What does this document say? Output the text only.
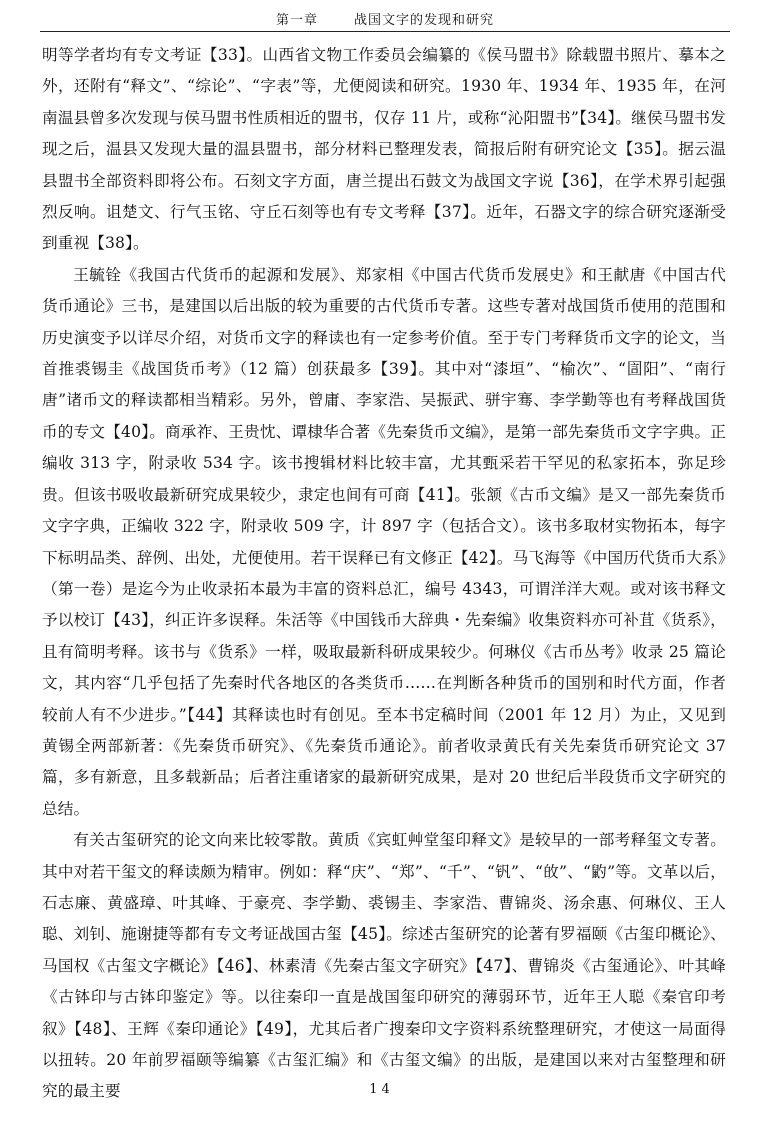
第一章	战国文字的发现和研究

明等学者均有专文考证【33】。山西省文物工作委员会编纂的《侯马盟书》除载盟书照片、摹本之外，还附有“释文”、“综论”、“字表”等，尤便阅读和研究。1930 年、1934 年、1935 年，在河南温县曾多次发现与侯马盟书性质相近的盟书，仅存 11 片，或称“沁阳盟书”【34】。继侯马盟书发现之后，温县又发现大量的温县盟书，部分材料已整理发表，简报后附有研究论文【35】。据云温县盟书全部资料即将公布。石刻文字方面，唐兰提出石鼓文为战国文字说【36】，在学术界引起强烈反响。诅楚文、行气玉铭、守丘石刻等也有专文考释【37】。近年，石器文字的综合研究逐渐受到重视【38】。

王毓铨《我国古代货币的起源和发展》、郑家相《中国古代货币发展史》和王献唐《中国古代货币通论》三书，是建国以后出版的较为重要的古代货币专著。这些专著对战国货币使用的范围和历史演变予以详尽介绍，对货币文字的释读也有一定参考价值。至于专门考释货币文字的论文，当首推裘锡圭《战国货币考》（12 篇）创获最多【39】。其中对“漆垣”、“榆次”、“圁阳”、“南行唐”诸币文的释读都相当精彩。另外，曾庸、李家浩、吴振武、骈宇骞、李学勤等也有考释战国货币的专文【40】。商承祚、王贵忱、谭棣华合著《先秦货币文编》，是第一部先秦货币文字字典。正编收 313 字，附录收 534 字。该书搜辑材料比较丰富，尤其甄采若干罕见的私家拓本，弥足珍贵。但该书吸收最新研究成果较少，隶定也间有可商【41】。张颔《古币文编》是又一部先秦货币文字字典，正编收 322 字，附录收 509 字，计 897 字（包括合文）。该书多取材实物拓本，每字下标明品类、辞例、出处，尤便使用。若干误释已有文修正【42】。马飞海等《中国历代货币大系》（第一卷）是迄今为止收录拓本最为丰富的资料总汇，编号 4343，可谓洋洋大观。或对该书释文予以校订【43】，纠正许多误释。朱活等《中国钱币大辞典・先秦编》收集资料亦可补苴《货系》，且有简明考释。该书与《货系》一样，吸取最新科研成果较少。何琳仪《古币丛考》收录 25 篇论文，其内容“几乎包括了先秦时代各地区的各类货币……在判断各种货币的国别和时代方面，作者较前人有不少进步。”【44】其释读也时有创见。至本书定稿时间（2001 年 12 月）为止，又见到黄锡全两部新著：《先秦货币研究》、《先秦货币通论》。前者收录黄氏有关先秦货币研究论文 37 篇，多有新意，且多载新品；后者注重诸家的最新研究成果，是对 20 世纪后半段货币文字研究的总结。

有关古玺研究的论文向来比较零散。黄质《宾虹艸堂玺印释文》是较早的一部考释玺文专著。其中对若干玺文的释读颇为精审。例如：释“庆”、“郑”、“千”、“钒”、“敀”、“䶂”等。文革以后，石志廉、黄盛璋、叶其峰、于豪亮、李学勤、裘锡圭、李家浩、曹锦炎、汤余惠、何琳仪、王人聪、刘钊、施谢捷等都有专文考证战国古玺【45】。综述古玺研究的论著有罗福颐《古玺印概论》、马国权《古玺文字概论》【46】、林素清《先秦古玺文字研究》【47】、曹锦炎《古玺通论》、叶其峰《古钵印与古钵印鉴定》等。以往秦印一直是战国玺印研究的薄弱环节，近年王人聪《秦官印考叙》【48】、王辉《秦印通论》【49】，尤其后者广搜秦印文字资料系统整理研究，才使这一局面得以扭转。20 年前罗福颐等编纂《古玺汇编》和《古玺文编》的出版，是建国以来对古玺整理和研究的最主要	14
